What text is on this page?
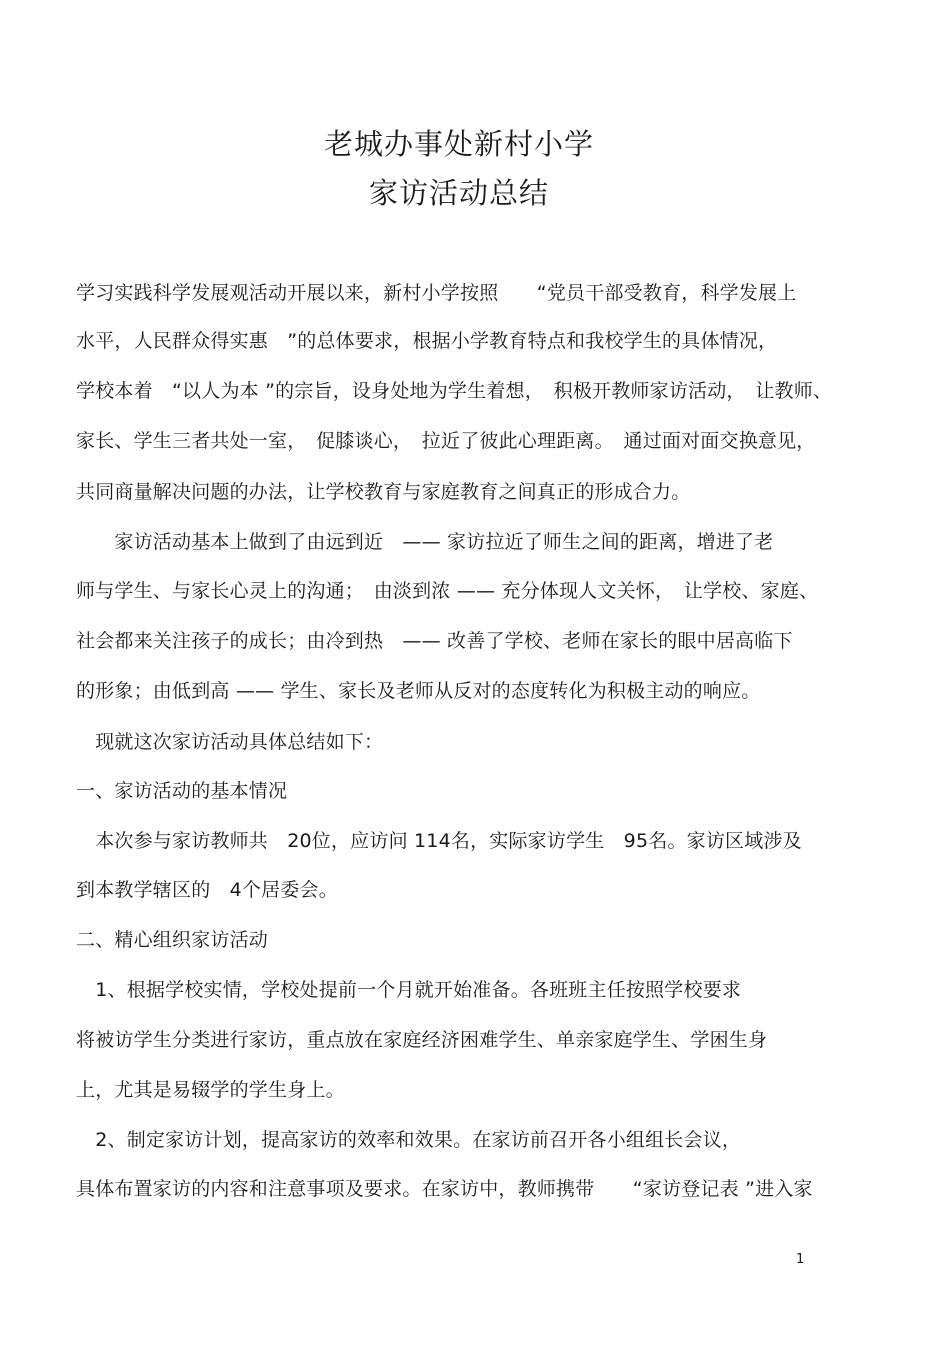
老城办事处新村小学
家访活动总结
学习实践科学发展观活动开展以来，新村小学按照　　“党员干部受教育，科学发展上
水平，人民群众得实惠　”的总体要求，根据小学教育特点和我校学生的具体情况，
学校本着　“以人为本 ”的宗旨，设身处地为学生着想，　积极开教师家访活动，　让教师、
家长、学生三者共处一室，　促膝谈心，　拉近了彼此心理距离。　通过面对面交换意见，
共同商量解决问题的办法，让学校教育与家庭教育之间真正的形成合力。
　　家访活动基本上做到了由远到近　—— 家访拉近了师生之间的距离，增进了老
师与学生、与家长心灵上的沟通；　由淡到浓 —— 充分体现人文关怀，　让学校、家庭、
社会都来关注孩子的成长；由冷到热　—— 改善了学校、老师在家长的眼中居高临下
的形象；由低到高 —— 学生、家长及老师从反对的态度转化为积极主动的响应。
　现就这次家访活动具体总结如下：
一、家访活动的基本情况
　本次参与家访教师共　20位，应访问 114名，实际家访学生　95名。家访区域涉及
到本教学辖区的　4个居委会。
二、精心组织家访活动
　1、根据学校实情，学校处提前一个月就开始准备。各班班主任按照学校要求
将被访学生分类进行家访，重点放在家庭经济困难学生、单亲家庭学生、学困生身
上，尤其是易辍学的学生身上。
　2、制定家访计划，提高家访的效率和效果。在家访前召开各小组组长会议，
具体布置家访的内容和注意事项及要求。在家访中，教师携带　　“家访登记表 ”进入家
1
